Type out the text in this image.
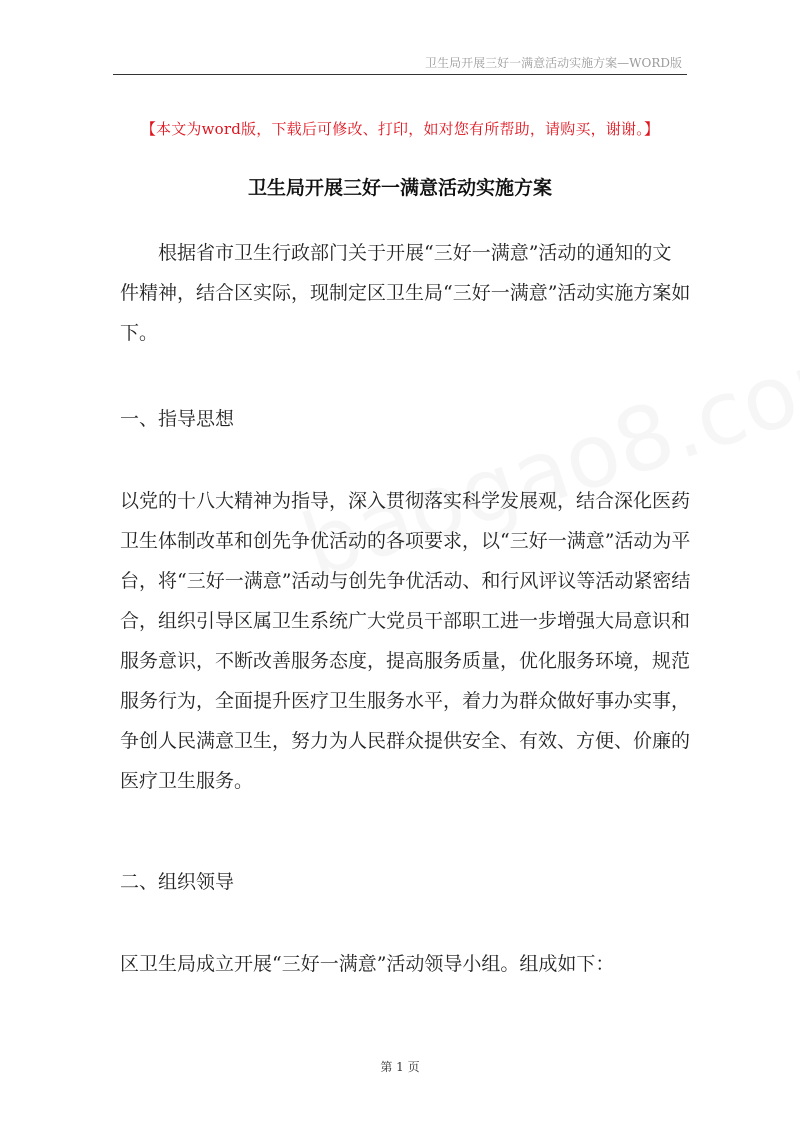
卫生局开展三好一满意活动实施方案—WORD版
【本文为word版，下载后可修改、打印，如对您有所帮助，请购买，谢谢。】
卫生局开展三好一满意活动实施方案

根据省市卫生行政部门关于开展“三好一满意”活动的通知的文
件精神，结合区实际，现制定区卫生局“三好一满意”活动实施方案如
下。

一、指导思想

以党的十八大精神为指导，深入贯彻落实科学发展观，结合深化医药
卫生体制改革和创先争优活动的各项要求，以“三好一满意”活动为平
台，将“三好一满意”活动与创先争优活动、和行风评议等活动紧密结
合，组织引导区属卫生系统广大党员干部职工进一步增强大局意识和
服务意识，不断改善服务态度，提高服务质量，优化服务环境，规范
服务行为，全面提升医疗卫生服务水平，着力为群众做好事办实事，
争创人民满意卫生，努力为人民群众提供安全、有效、方便、价廉的
医疗卫生服务。

二、组织领导

区卫生局成立开展“三好一满意”活动领导小组。组成如下：

第 1 页
